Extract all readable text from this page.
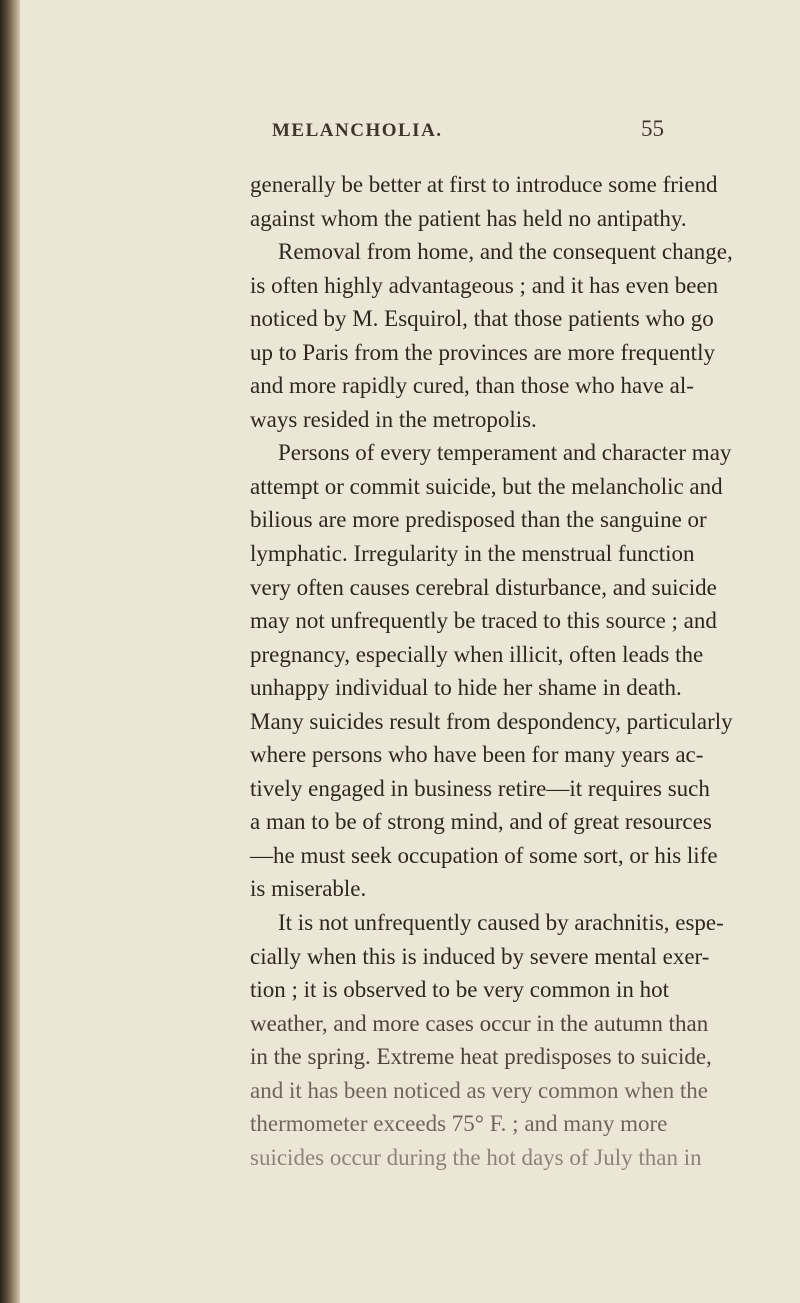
MELANCHOLIA.	55
generally be better at first to introduce some friend
against whom the patient has held no antipathy.
Removal from home, and the consequent change,
is often highly advantageous ; and it has even been
noticed by M. Esquirol, that those patients who go
up to Paris from the provinces are more frequently
and more rapidly cured, than those who have al-
ways resided in the metropolis.
Persons of every temperament and character may
attempt or commit suicide, but the melancholic and
bilious are more predisposed than the sanguine or
lymphatic. Irregularity in the menstrual function
very often causes cerebral disturbance, and suicide
may not unfrequently be traced to this source ; and
pregnancy, especially when illicit, often leads the
unhappy individual to hide her shame in death.
Many suicides result from despondency, particularly
where persons who have been for many years ac-
tively engaged in business retire—it requires such
a man to be of strong mind, and of great resources
—he must seek occupation of some sort, or his life
is miserable.
It is not unfrequently caused by arachnitis, espe-
cially when this is induced by severe mental exer-
tion ; it is observed to be very common in hot
weather, and more cases occur in the autumn than
in the spring. Extreme heat predisposes to suicide,
and it has been noticed as very common when the
thermometer exceeds 75° F. ; and many more
suicides occur during the hot days of July than in
